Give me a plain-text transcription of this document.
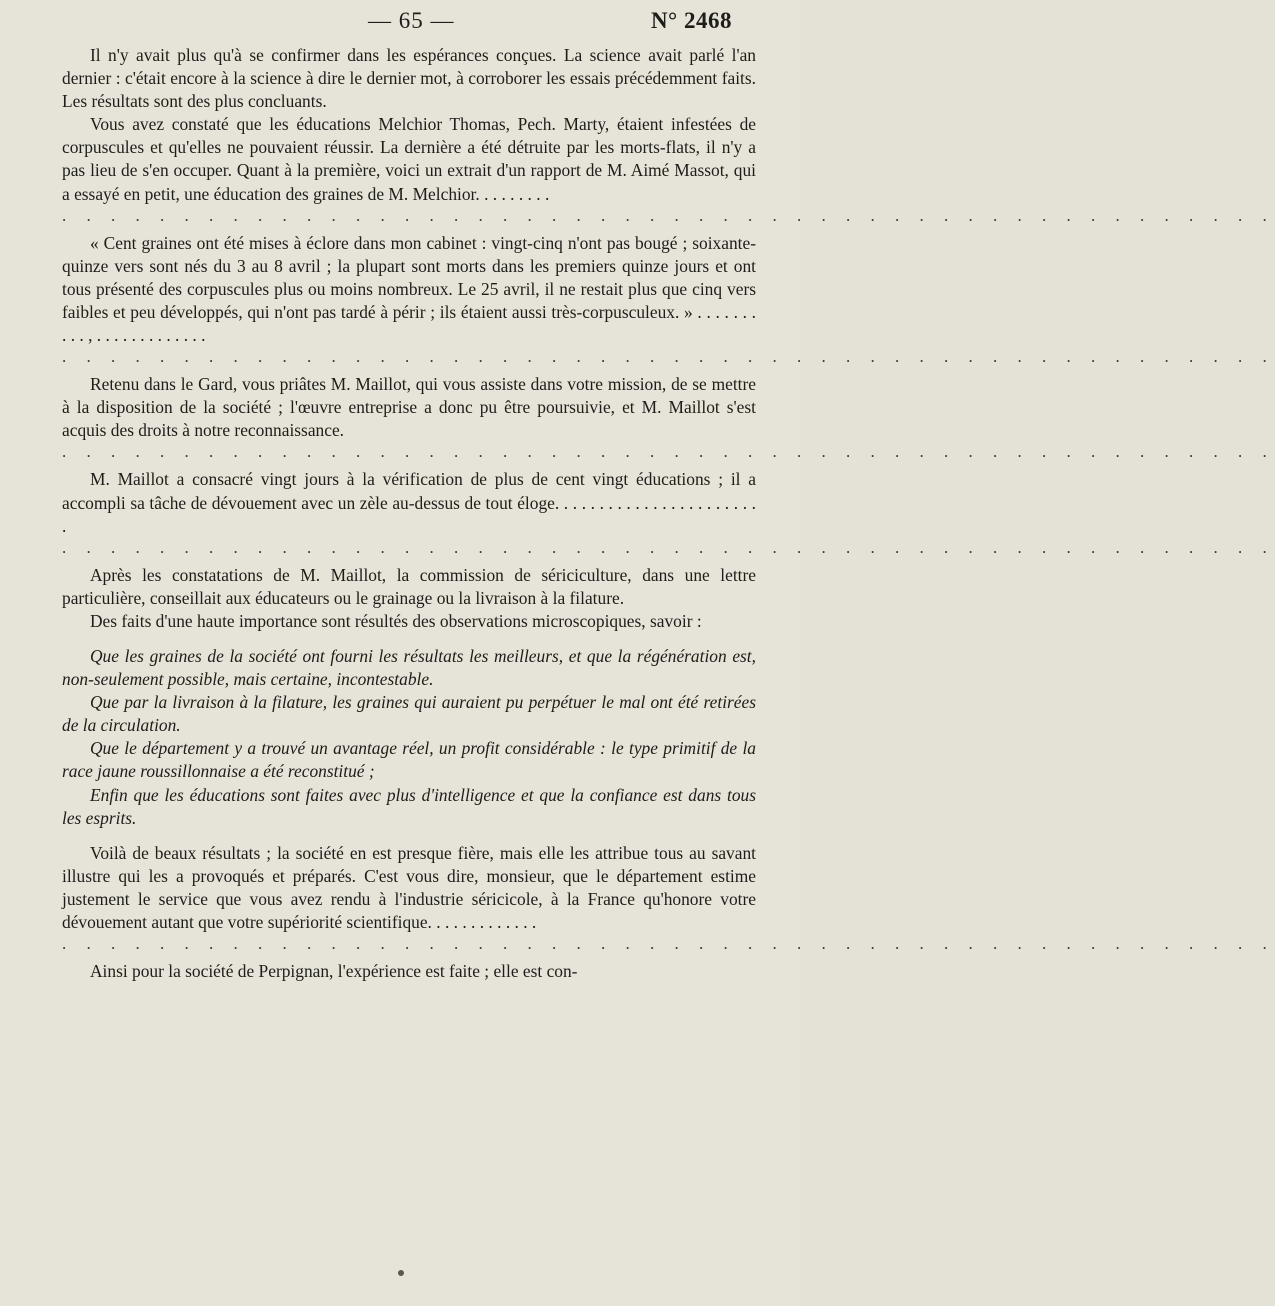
— 65 —	N° 2468

Il n'y avait plus qu'à se confirmer dans les espérances conçues. La science avait parlé l'an dernier : c'était encore à la science à dire le dernier mot, à corroborer les essais précédemment faits. Les résultats sont des plus concluants.

Vous avez constaté que les éducations Melchior Thomas, Pech. Marty, étaient infestées de corpuscules et qu'elles ne pouvaient réussir. La dernière a été détruite par les morts-flats, il n'y a pas lieu de s'en occuper. Quant à la première, voici un extrait d'un rapport de M. Aimé Massot, qui a essayé en petit, une éducation des graines de M. Melchior. . . . . . . . .

. . . . . . . . . . . . . . . . . . . . . . . . . . . . . . . . . . . . . . . . . . . . . . . . . .

« Cent graines ont été mises à éclore dans mon cabinet : vingt-cinq n'ont pas bougé ; soixante-quinze vers sont nés du 3 au 8 avril ; la plupart sont morts dans les premiers quinze jours et ont tous présenté des corpuscules plus ou moins nombreux. Le 25 avril, il ne restait plus que cinq vers faibles et peu développés, qui n'ont pas tardé à périr ; ils étaient aussi très-corpusculeux. » . . . . . . . . . . , . . . . . . . . . . . . .

. . . . . . . . . . . . . . . . . . . . . . . . . . . . . . . . . . . . . . . . . . . . . . . . . .

Retenu dans le Gard, vous priâtes M. Maillot, qui vous assiste dans votre mission, de se mettre à la disposition de la société ; l'œuvre entreprise a donc pu être poursuivie, et M. Maillot s'est acquis des droits à notre reconnaissance.

. . . . . . . . . . . . . . . . . . . . . . . . . . . . . . . . . . . . . . . . . . . . . . . . . .

M. Maillot a consacré vingt jours à la vérification de plus de cent vingt éducations ; il a accompli sa tâche de dévouement avec un zèle au-dessus de tout éloge. . . . . . . . . . . . . . . . . . . . . . . .

. . . . . . . . . . . . . . . . . . . . . . . . . . . . . . . . . . . . . . . . . . . . . . . . . .

Après les constatations de M. Maillot, la commission de sériciculture, dans une lettre particulière, conseillait aux éducateurs ou le grainage ou la livraison à la filature.

Des faits d'une haute importance sont résultés des observations microscopiques, savoir :

Que les graines de la société ont fourni les résultats les meilleurs, et que la régénération est, non-seulement possible, mais certaine, incontestable.

Que par la livraison à la filature, les graines qui auraient pu perpétuer le mal ont été retirées de la circulation.

Que le département y a trouvé un avantage réel, un profit considérable : le type primitif de la race jaune roussillonnaise a été reconstitué ;

Enfin que les éducations sont faites avec plus d'intelligence et que la confiance est dans tous les esprits.

Voilà de beaux résultats ; la société en est presque fière, mais elle les attribue tous au savant illustre qui les a provoqués et préparés. C'est vous dire, monsieur, que le département estime justement le service que vous avez rendu à l'industrie séricicole, à la France qu'honore votre dévouement autant que votre supériorité scientifique. . . . . . . . . . . . .

. . . . . . . . . . . . . . . . . . . . . . . . . . . . . . . . . . . . . . . . . . . . . . . . . .

Ainsi pour la société de Perpignan, l'expérience est faite ; elle est con-
